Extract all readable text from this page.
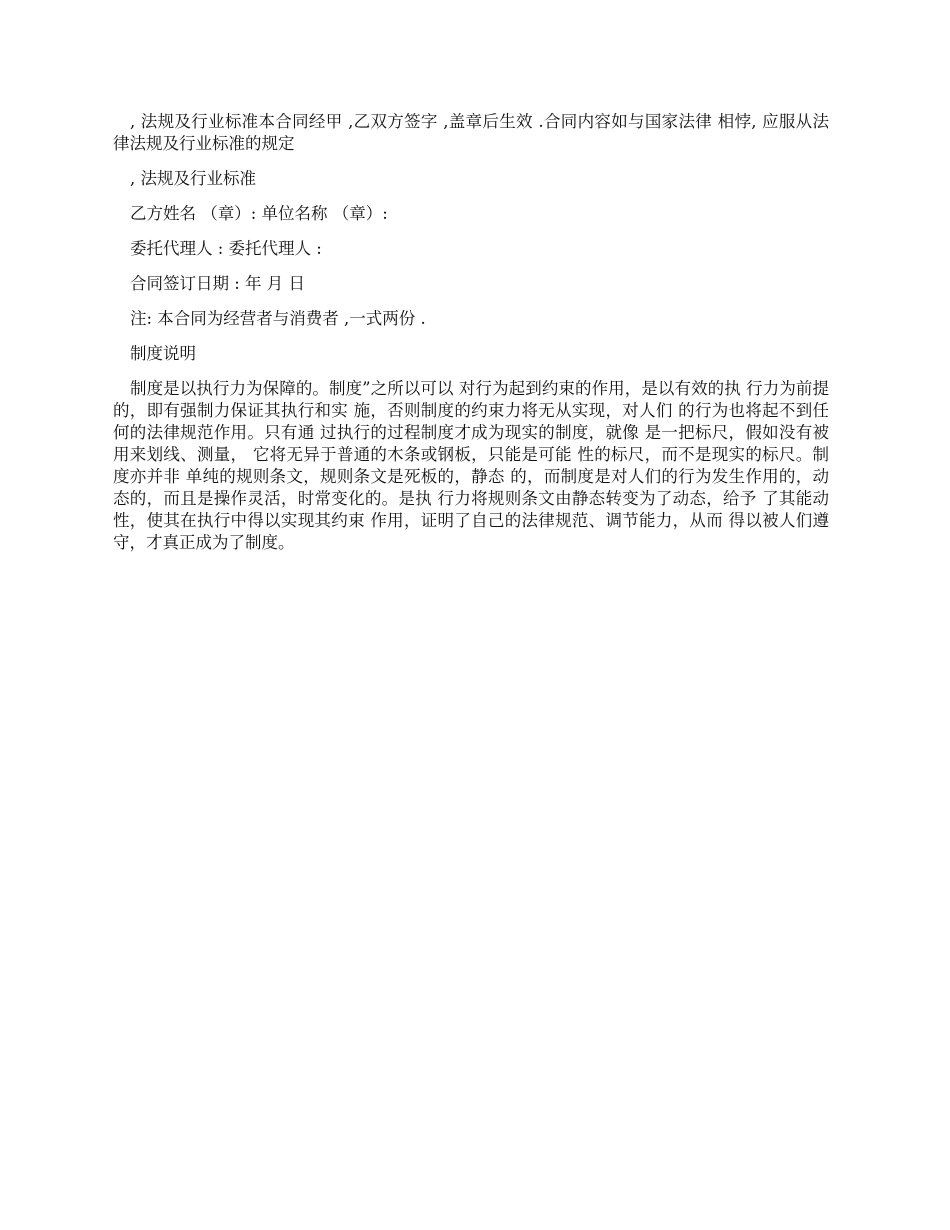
, 法规及行业标准本合同经甲 ,乙双方签字 ,盖章后生效 .合同内容如与国家法律 相悖, 应服从法律法规及行业标准的规定

, 法规及行业标准

乙方姓名 （章）: 单位名称 （章）:

委托代理人 : 委托代理人 :

合同签订日期 : 年 月 日

注: 本合同为经营者与消费者 ,一式两份 .

制度说明

制度是以执行力为保障的。制度”之所以可以 对行为起到约束的作用，是以有效的执 行力为前提的，即有强制力保证其执行和实 施，否则制度的约束力将无从实现，对人们 的行为也将起不到任何的法律规范作用。只有通 过执行的过程制度才成为现实的制度，就像 是一把标尺，假如没有被用来划线、测量， 它将无异于普通的木条或钢板，只能是可能 性的标尺，而不是现实的标尺。制度亦并非 单纯的规则条文，规则条文是死板的，静态 的，而制度是对人们的行为发生作用的，动 态的，而且是操作灵活，时常变化的。是执 行力将规则条文由静态转变为了动态，给予 了其能动性，使其在执行中得以实现其约束 作用，证明了自己的法律规范、调节能力，从而 得以被人们遵守，才真正成为了制度。
